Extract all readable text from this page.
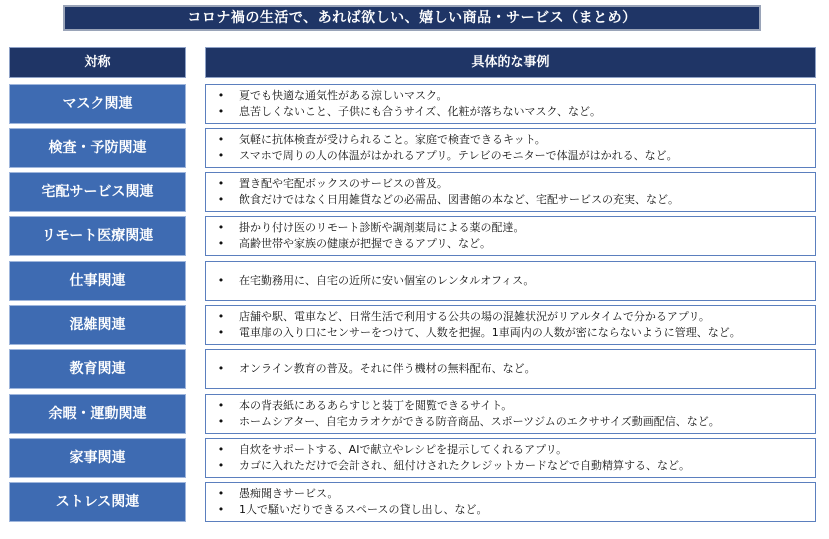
コロナ禍の生活で、あれば欲しい、嬉しい商品・サービス（まとめ）
対称	具体的な事例
マスク関連
• 夏でも快適な通気性がある涼しいマスク。
• 息苦しくないこと、子供にも合うサイズ、化粧が落ちないマスク、など。
検査・予防関連
• 気軽に抗体検査が受けられること。家庭で検査できるキット。
• スマホで周りの人の体温がはかれるアプリ。テレビのモニターで体温がはかれる、など。
宅配サービス関連
• 置き配や宅配ボックスのサービスの普及。
• 飲食だけではなく日用雑貨などの必需品、図書館の本など、宅配サービスの充実、など。
リモート医療関連
• 掛かり付け医のリモート診断や調剤薬局による薬の配達。
• 高齢世帯や家族の健康が把握できるアプリ、など。
仕事関連	• 在宅勤務用に、自宅の近所に安い個室のレンタルオフィス。
混雑関連
• 店舗や駅、電車など、日常生活で利用する公共の場の混雑状況がリアルタイムで分かるアプリ。
• 電車扉の入り口にセンサーをつけて、人数を把握。1車両内の人数が密にならないように管理、など。
教育関連	• オンライン教育の普及。それに伴う機材の無料配布、など。
余暇・運動関連
• 本の背表紙にあるあらすじと装丁を閲覧できるサイト。
• ホームシアター、自宅カラオケができる防音商品、スポーツジムのエクササイズ動画配信、など。
家事関連
• 自炊をサポートする、AIで献立やレシピを提示してくれるアプリ。
• カゴに入れただけで会計され、紐付けされたクレジットカードなどで自動精算する、など。
ストレス関連
• 愚痴聞きサービス。
• 1人で騒いだりできるスペースの貸し出し、など。
